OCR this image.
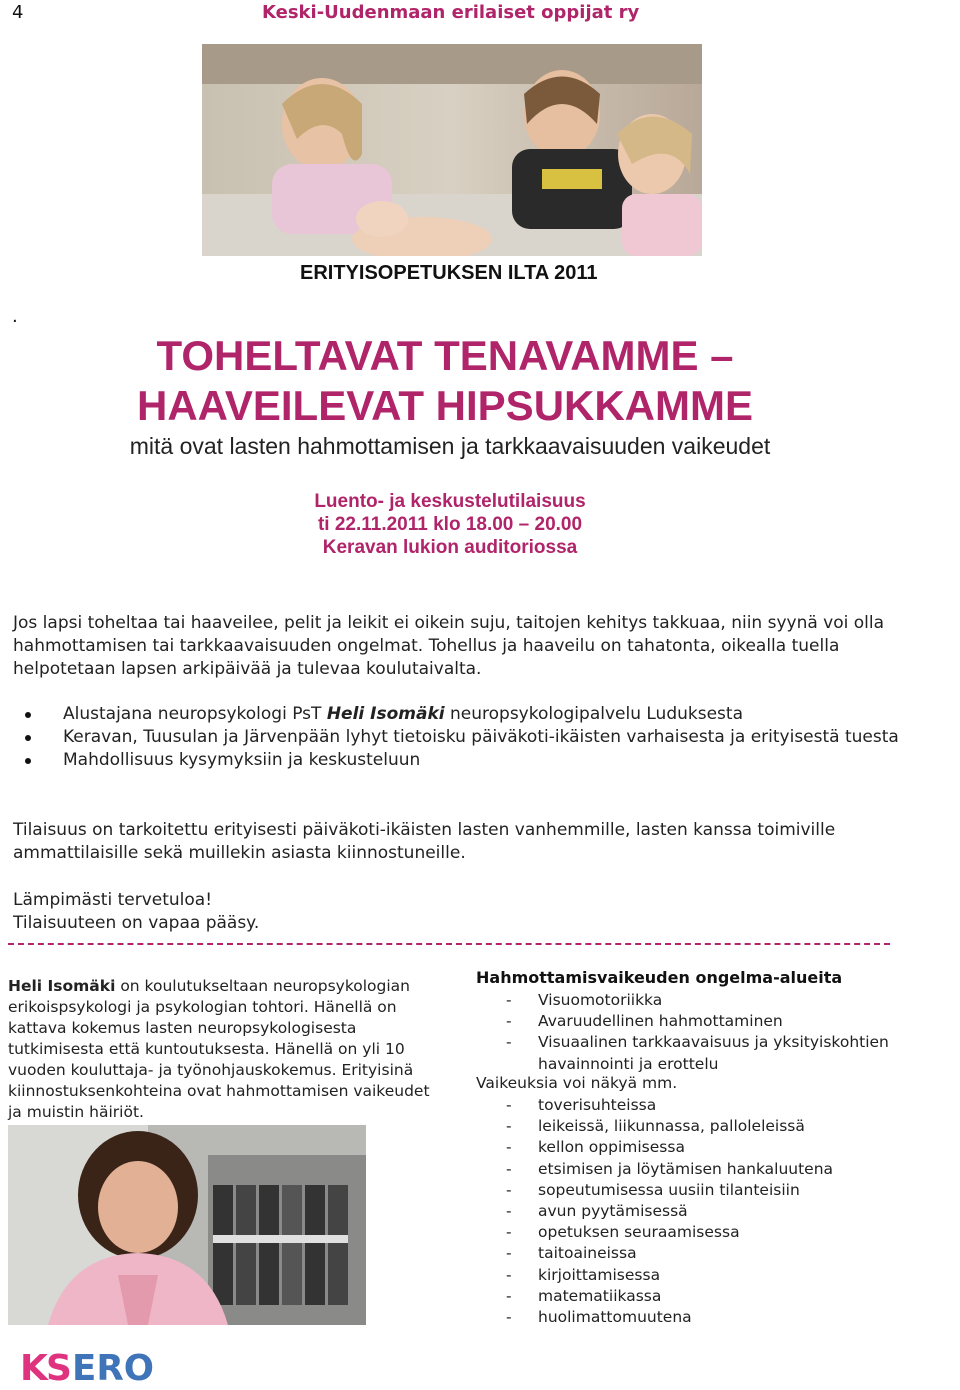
4	Keski-Uudenmaan erilaiset oppijat ry
ERITYISOPETUKSEN ILTA 2011
.
TOHELTAVAT TENAVAMME –
HAAVEILEVAT HIPSUKKAMME
mitä ovat lasten hahmottamisen ja tarkkaavaisuuden vaikeudet
Luento- ja keskustelutilaisuus
ti 22.11.2011 klo 18.00 – 20.00
Keravan lukion auditoriossa

Jos lapsi toheltaa tai haaveilee, pelit ja leikit ei oikein suju, taitojen kehitys takkuaa, niin syynä voi olla hahmottamisen tai tarkkaavaisuuden ongelmat. Tohellus ja haaveilu on tahatonta, oikealla tuella helpotetaan lapsen arkipäivää ja tulevaa koulutaivalta.

Alustajana neuropsykologi PsT Heli Isomäki neuropsykologipalvelu Luduksesta
Keravan, Tuusulan ja Järvenpään lyhyt tietoisku päiväkoti-ikäisten varhaisesta ja erityisestä tuesta
Mahdollisuus kysymyksiin ja keskusteluun

Tilaisuus on tarkoitettu erityisesti päiväkoti-ikäisten lasten vanhemmille, lasten kanssa toimiville ammattilaisille sekä muillekin asiasta kiinnostuneille.

Lämpimästi tervetuloa!
Tilaisuuteen on vapaa pääsy.

Heli Isomäki on koulutukseltaan neuropsykologian erikoispsykologi ja psykologian tohtori. Hänellä on kattava kokemus lasten neuropsykologisesta tutkimisesta että kuntoutuksesta. Hänellä on yli 10 vuoden kouluttaja- ja työnohjauskokemus. Erityisinä kiinnostuksenkohteina ovat hahmottamisen vaikeudet ja muistin häiriöt.

Hahmottamisvaikeuden ongelma-alueita
- Visuomotoriikka
- Avaruudellinen hahmottaminen
- Visuaalinen tarkkaavaisuus ja yksityiskohtien havainnointi ja erottelu
Vaikeuksia voi näkyä mm.
- toverisuhteissa
- leikeissä, liikunnassa, palloleleissä
- kellon oppimisessa
- etsimisen ja löytämisen hankaluutena
- sopeutumisessa uusiin tilanteisiin
- avun pyytämisessä
- opetuksen seuraamisessa
- taitoaineissa
- kirjoittamisessa
- matematiikassa
- huolimattomuutena
K
S ERO
